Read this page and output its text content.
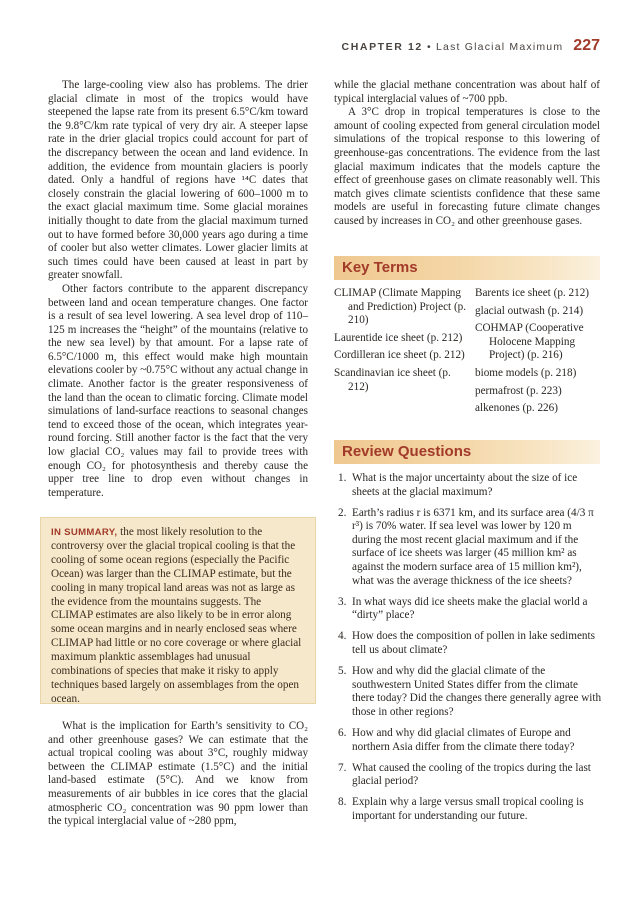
CHAPTER 12 • Last Glacial Maximum 227

The large-cooling view also has problems. The drier glacial climate in most of the tropics would have steepened the lapse rate from its present 6.5°C/km toward the 9.8°C/km rate typical of very dry air. A steeper lapse rate in the drier glacial tropics could account for part of the discrepancy between the ocean and land evidence. In addition, the evidence from mountain glaciers is poorly dated. Only a handful of regions have ¹⁴C dates that closely constrain the glacial lowering of 600–1000 m to the exact glacial maximum time. Some glacial moraines initially thought to date from the glacial maximum turned out to have formed before 30,000 years ago during a time of cooler but also wetter climates. Lower glacier limits at such times could have been caused at least in part by greater snowfall.

Other factors contribute to the apparent discrepancy between land and ocean temperature changes. One factor is a result of sea level lowering. A sea level drop of 110–125 m increases the “height” of the mountains (relative to the new sea level) by that amount. For a lapse rate of 6.5°C/1000 m, this effect would make high mountain elevations cooler by ~0.75°C without any actual change in climate. Another factor is the greater responsiveness of the land than the ocean to climatic forcing. Climate model simulations of land-surface reactions to seasonal changes tend to exceed those of the ocean, which integrates year-round forcing. Still another factor is the fact that the very low glacial CO₂ values may fail to provide trees with enough CO₂ for photosynthesis and thereby cause the upper tree line to drop even without changes in temperature.

IN SUMMARY, the most likely resolution to the controversy over the glacial tropical cooling is that the cooling of some ocean regions (especially the Pacific Ocean) was larger than the CLIMAP estimate, but the cooling in many tropical land areas was not as large as the evidence from the mountains suggests. The CLIMAP estimates are also likely to be in error along some ocean margins and in nearly enclosed seas where CLIMAP had little or no core coverage or where glacial maximum planktic assemblages had unusual combinations of species that make it risky to apply techniques based largely on assemblages from the open ocean.

What is the implication for Earth’s sensitivity to CO₂ and other greenhouse gases? We can estimate that the actual tropical cooling was about 3°C, roughly midway between the CLIMAP estimate (1.5°C) and the initial land-based estimate (5°C). And we know from measurements of air bubbles in ice cores that the glacial atmospheric CO₂ concentration was 90 ppm lower than the typical interglacial value of ~280 ppm,

while the glacial methane concentration was about half of typical interglacial values of ~700 ppb.

A 3°C drop in tropical temperatures is close to the amount of cooling expected from general circulation model simulations of the tropical response to this lowering of greenhouse-gas concentrations. The evidence from the last glacial maximum indicates that the models capture the effect of greenhouse gases on climate reasonably well. This match gives climate scientists confidence that these same models are useful in forecasting future climate changes caused by increases in CO₂ and other greenhouse gases.

Key Terms
CLIMAP (Climate Mapping and Prediction) Project (p. 210)
Laurentide ice sheet (p. 212)
Cordilleran ice sheet (p. 212)
Scandinavian ice sheet (p. 212)
Barents ice sheet (p. 212)
glacial outwash (p. 214)
COHMAP (Cooperative Holocene Mapping Project) (p. 216)
biome models (p. 218)
permafrost (p. 223)
alkenones (p. 226)
Review Questions
1. What is the major uncertainty about the size of ice sheets at the glacial maximum?
2. Earth’s radius r is 6371 km, and its surface area (4/3 π r³) is 70% water. If sea level was lower by 120 m during the most recent glacial maximum and if the surface of ice sheets was larger (45 million km² as against the modern surface area of 15 million km²), what was the average thickness of the ice sheets?
3. In what ways did ice sheets make the glacial world a “dirty” place?
4. How does the composition of pollen in lake sediments tell us about climate?
5. How and why did the glacial climate of the southwestern United States differ from the climate there today? Did the changes there generally agree with those in other regions?
6. How and why did glacial climates of Europe and northern Asia differ from the climate there today?
7. What caused the cooling of the tropics during the last glacial period?
8. Explain why a large versus small tropical cooling is important for understanding our future.
